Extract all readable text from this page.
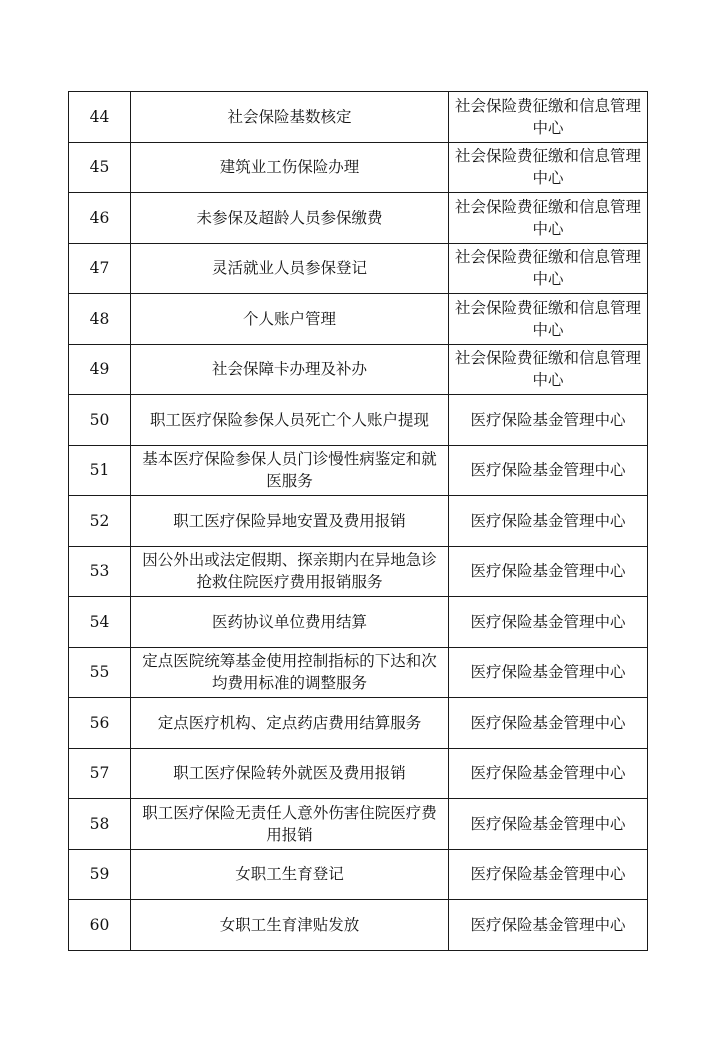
44	社会保险基数核定	社会保险费征缴和信息管理中心
45	建筑业工伤保险办理	社会保险费征缴和信息管理中心
46	未参保及超龄人员参保缴费	社会保险费征缴和信息管理中心
47	灵活就业人员参保登记	社会保险费征缴和信息管理中心
48	个人账户管理	社会保险费征缴和信息管理中心
49	社会保障卡办理及补办	社会保险费征缴和信息管理中心
50	职工医疗保险参保人员死亡个人账户提现	医疗保险基金管理中心
51	基本医疗保险参保人员门诊慢性病鉴定和就医服务	医疗保险基金管理中心
52	职工医疗保险异地安置及费用报销	医疗保险基金管理中心
53	因公外出或法定假期、探亲期内在异地急诊抢救住院医疗费用报销服务	医疗保险基金管理中心
54	医药协议单位费用结算	医疗保险基金管理中心
55	定点医院统筹基金使用控制指标的下达和次均费用标准的调整服务	医疗保险基金管理中心
56	定点医疗机构、定点药店费用结算服务	医疗保险基金管理中心
57	职工医疗保险转外就医及费用报销	医疗保险基金管理中心
58	职工医疗保险无责任人意外伤害住院医疗费用报销	医疗保险基金管理中心
59	女职工生育登记	医疗保险基金管理中心
60	女职工生育津贴发放	医疗保险基金管理中心
